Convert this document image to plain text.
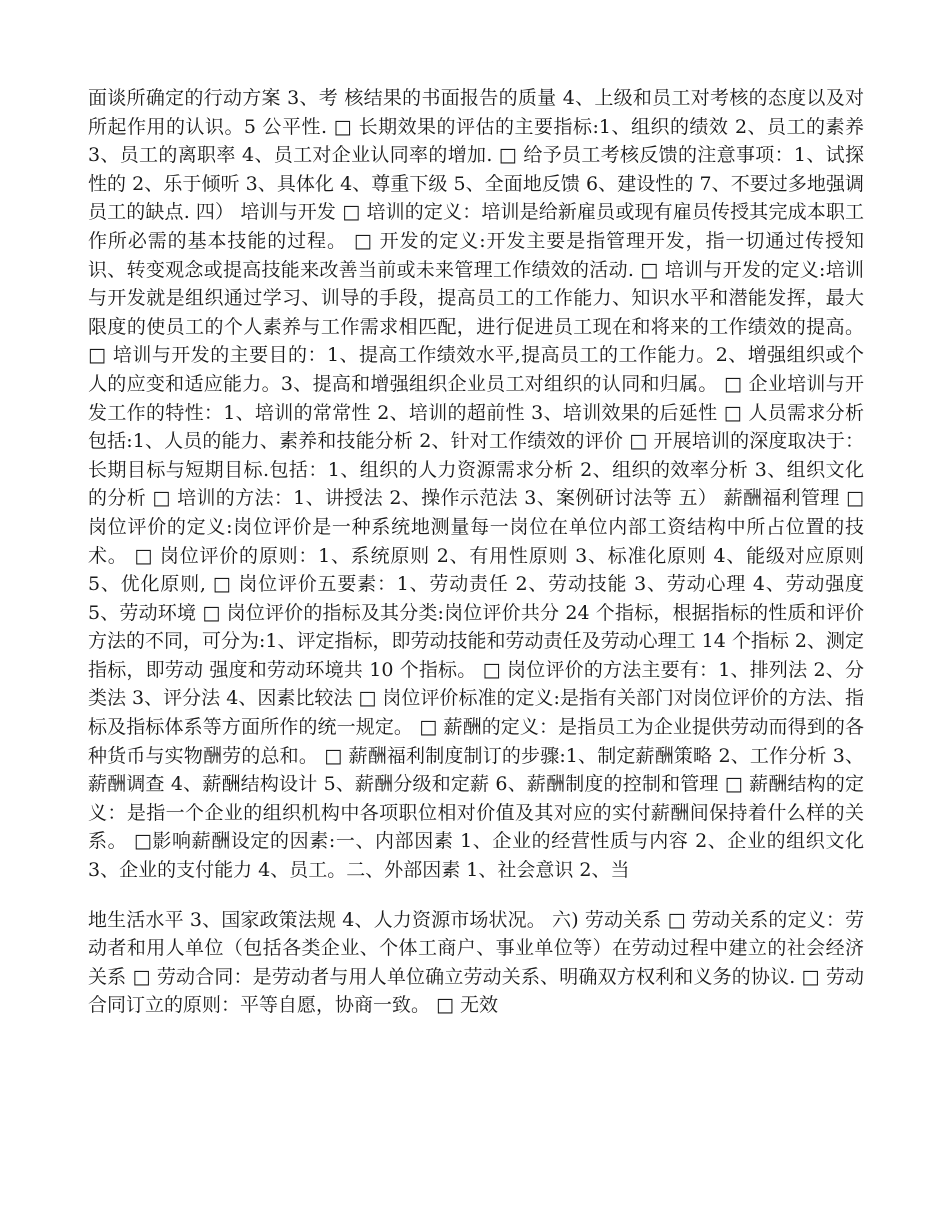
面谈所确定的行动方案 3、考 核结果的书面报告的质量 4、上级和员工对考核的态度以及对所起作用的认识。5 公平性. □ 长期效果的评估的主要指标:1、组织的绩效 2、员工的素养 3、员工的离职率 4、员工对企业认同率的增加. □ 给予员工考核反馈的注意事项：1、试探性的 2、乐于倾听 3、具体化 4、尊重下级 5、全面地反馈 6、建设性的 7、不要过多地强调员工的缺点. 四） 培训与开发 □ 培训的定义：培训是给新雇员或现有雇员传授其完成本职工作所必需的基本技能的过程。 □ 开发的定义:开发主要是指管理开发，指一切通过传授知识、转变观念或提高技能来改善当前或未来管理工作绩效的活动. □ 培训与开发的定义:培训与开发就是组织通过学习、训导的手段，提高员工的工作能力、知识水平和潜能发挥，最大限度的使员工的个人素养与工作需求相匹配，进行促进员工现在和将来的工作绩效的提高。 □ 培训与开发的主要目的：1、提高工作绩效水平,提高员工的工作能力。2、增强组织或个人的应变和适应能力。3、提高和增强组织企业员工对组织的认同和归属。 □ 企业培训与开发工作的特性：1、培训的常常性 2、培训的超前性 3、培训效果的后延性 □ 人员需求分析包括:1、人员的能力、素养和技能分析 2、针对工作绩效的评价 □ 开展培训的深度取决于：长期目标与短期目标.包括：1、组织的人力资源需求分析 2、组织的效率分析 3、组织文化的分析 □ 培训的方法：1、讲授法 2、操作示范法 3、案例研讨法等 五） 薪酬福利管理 □ 岗位评价的定义:岗位评价是一种系统地测量每一岗位在单位内部工资结构中所占位置的技术。 □ 岗位评价的原则：1、系统原则 2、有用性原则 3、标准化原则 4、能级对应原则 5、优化原则, □ 岗位评价五要素：1、劳动责任 2、劳动技能 3、劳动心理 4、劳动强度 5、劳动环境 □ 岗位评价的指标及其分类:岗位评价共分 24 个指标，根据指标的性质和评价方法的不同，可分为:1、评定指标，即劳动技能和劳动责任及劳动心理工 14 个指标 2、测定指标，即劳动 强度和劳动环境共 10 个指标。 □ 岗位评价的方法主要有：1、排列法 2、分类法 3、评分法 4、因素比较法 □ 岗位评价标准的定义:是指有关部门对岗位评价的方法、指标及指标体系等方面所作的统一规定。 □ 薪酬的定义：是指员工为企业提供劳动而得到的各种货币与实物酬劳的总和。 □ 薪酬福利制度制订的步骤:1、制定薪酬策略 2、工作分析 3、薪酬调查 4、薪酬结构设计 5、薪酬分级和定薪 6、薪酬制度的控制和管理 □ 薪酬结构的定义：是指一个企业的组织机构中各项职位相对价值及其对应的实付薪酬间保持着什么样的关系。 □影响薪酬设定的因素:一、内部因素 1、企业的经营性质与内容 2、企业的组织文化 3、企业的支付能力 4、员工。二、外部因素 1、社会意识 2、当

地生活水平 3、国家政策法规 4、人力资源市场状况。 六) 劳动关系 □ 劳动关系的定义：劳动者和用人单位（包括各类企业、个体工商户、事业单位等）在劳动过程中建立的社会经济关系 □ 劳动合同：是劳动者与用人单位确立劳动关系、明确双方权利和义务的协议. □ 劳动合同订立的原则：平等自愿，协商一致。 □ 无效
